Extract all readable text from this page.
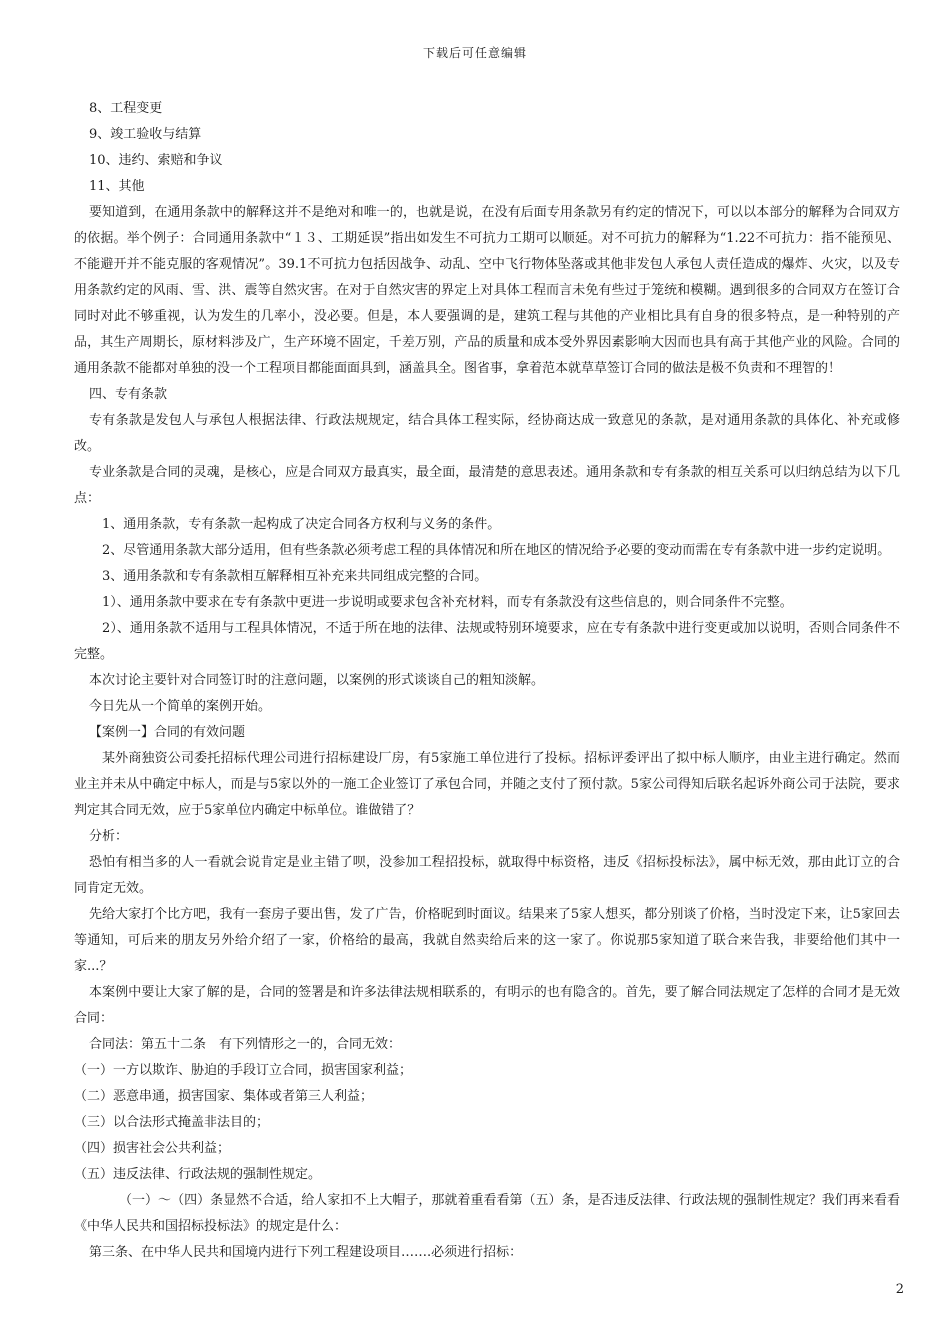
下载后可任意编辑

8、工程变更

9、竣工验收与结算

10、违约、索赔和争议

11、其他

要知道到，在通用条款中的解释这并不是绝对和唯一的，也就是说，在没有后面专用条款另有约定的情况下，可以以本部分的解释为合同双方的依据。举个例子：合同通用条款中“１３、工期延误”指出如发生不可抗力工期可以顺延。对不可抗力的解释为“1.22不可抗力：指不能预见、不能避开并不能克服的客观情况”。39.1不可抗力包括因战争、动乱、空中飞行物体坠落或其他非发包人承包人责任造成的爆炸、火灾，以及专用条款约定的风雨、雪、洪、震等自然灾害。在对于自然灾害的界定上对具体工程而言未免有些过于笼统和模糊。遇到很多的合同双方在签订合同时对此不够重视，认为发生的几率小，没必要。但是，本人要强调的是，建筑工程与其他的产业相比具有自身的很多特点，是一种特别的产品，其生产周期长，原材料涉及广，生产环境不固定，千差万别，产品的质量和成本受外界因素影响大因而也具有高于其他产业的风险。合同的通用条款不能都对单独的没一个工程项目都能面面具到，涵盖具全。图省事，拿着范本就草草签订合同的做法是极不负责和不理智的！

四、专有条款

专有条款是发包人与承包人根据法律、行政法规规定，结合具体工程实际，经协商达成一致意见的条款，是对通用条款的具体化、补充或修改。

专业条款是合同的灵魂，是核心，应是合同双方最真实，最全面，最清楚的意思表述。通用条款和专有条款的相互关系可以归纳总结为以下几点：

1、通用条款，专有条款一起构成了决定合同各方权利与义务的条件。

2、尽管通用条款大部分适用，但有些条款必须考虑工程的具体情况和所在地区的情况给予必要的变动而需在专有条款中进一步约定说明。

3、通用条款和专有条款相互解释相互补充来共同组成完整的合同。

1）、通用条款中要求在专有条款中更进一步说明或要求包含补充材料，而专有条款没有这些信息的，则合同条件不完整。

2）、通用条款不适用与工程具体情况，不适于所在地的法律、法规或特别环境要求，应在专有条款中进行变更或加以说明，否则合同条件不完整。

本次讨论主要针对合同签订时的注意问题，以案例的形式谈谈自己的粗知淡解。

今日先从一个简单的案例开始。

【案例一】合同的有效问题

某外商独资公司委托招标代理公司进行招标建设厂房，有5家施工单位进行了投标。招标评委评出了拟中标人顺序，由业主进行确定。然而业主并未从中确定中标人，而是与5家以外的一施工企业签订了承包合同，并随之支付了预付款。5家公司得知后联名起诉外商公司于法院，要求判定其合同无效，应于5家单位内确定中标单位。谁做错了？

分析：

恐怕有相当多的人一看就会说肯定是业主错了呗，没参加工程招投标，就取得中标资格，违反《招标投标法》，属中标无效，那由此订立的合同肯定无效。

先给大家打个比方吧，我有一套房子要出售，发了广告，价格昵到时面议。结果来了5家人想买，都分别谈了价格，当时没定下来，让5家回去等通知，可后来的朋友另外给介绍了一家，价格给的最高，我就自然卖给后来的这一家了。你说那5家知道了联合来告我，非要给他们其中一家...？

本案例中要让大家了解的是，合同的签署是和许多法律法规相联系的，有明示的也有隐含的。首先，要了解合同法规定了怎样的合同才是无效合同：

合同法：第五十二条　有下列情形之一的，合同无效：

（一）一方以欺诈、胁迫的手段订立合同，损害国家利益；

（二）恶意串通，损害国家、集体或者第三人利益；

（三）以合法形式掩盖非法目的；

（四）损害社会公共利益；

（五）违反法律、行政法规的强制性规定。

（一）～（四）条显然不合适，给人家扣不上大帽子，那就着重看看第（五）条，是否违反法律、行政法规的强制性规定？我们再来看看《中华人民共和国招标投标法》的规定是什么：

第三条、在中华人民共和国境内进行下列工程建设项目…….必须进行招标：

2
